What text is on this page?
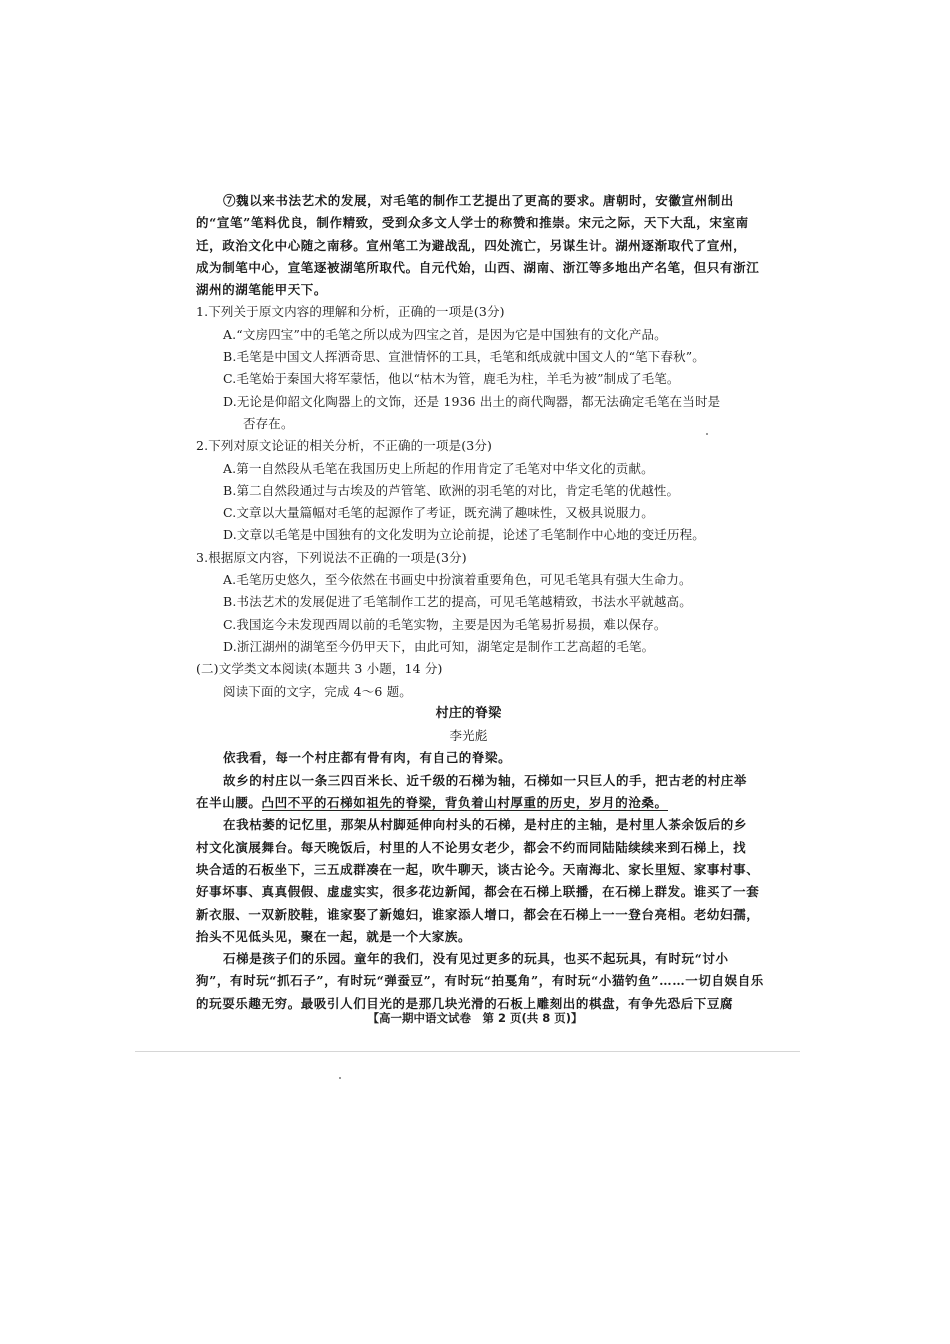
⑦魏以来书法艺术的发展，对毛笔的制作工艺提出了更高的要求。唐朝时，安徽宣州制出
的“宣笔”笔料优良，制作精致，受到众多文人学士的称赞和推崇。宋元之际，天下大乱，宋室南
迁，政治文化中心随之南移。宣州笔工为避战乱，四处流亡，另谋生计。湖州逐渐取代了宣州，
成为制笔中心，宣笔逐被湖笔所取代。自元代始，山西、湖南、浙江等多地出产名笔，但只有浙江
湖州的湖笔能甲天下。
1.下列关于原文内容的理解和分析，正确的一项是(3分)
A.“文房四宝”中的毛笔之所以成为四宝之首，是因为它是中国独有的文化产品。
B.毛笔是中国文人挥洒奇思、宣泄情怀的工具，毛笔和纸成就中国文人的“笔下春秋”。
C.毛笔始于秦国大将军蒙恬，他以“枯木为管，鹿毛为柱，羊毛为被”制成了毛笔。
D.无论是仰韶文化陶器上的文饰，还是 1936 出土的商代陶器，都无法确定毛笔在当时是
否存在。
2.下列对原文论证的相关分析，不正确的一项是(3分)
A.第一自然段从毛笔在我国历史上所起的作用肯定了毛笔对中华文化的贡献。
B.第二自然段通过与古埃及的芦管笔、欧洲的羽毛笔的对比，肯定毛笔的优越性。
C.文章以大量篇幅对毛笔的起源作了考证，既充满了趣味性，又极具说服力。
D.文章以毛笔是中国独有的文化发明为立论前提，论述了毛笔制作中心地的变迁历程。
3.根据原文内容，下列说法不正确的一项是(3分)
A.毛笔历史悠久，至今依然在书画史中扮演着重要角色，可见毛笔具有强大生命力。
B.书法艺术的发展促进了毛笔制作工艺的提高，可见毛笔越精致，书法水平就越高。
C.我国迄今未发现西周以前的毛笔实物，主要是因为毛笔易折易损，难以保存。
D.浙江湖州的湖笔至今仍甲天下，由此可知，湖笔定是制作工艺高超的毛笔。
(二)文学类文本阅读(本题共 3 小题，14 分)
阅读下面的文字，完成 4～6 题。
村庄的脊梁
李光彪
依我看，每一个村庄都有骨有肉，有自己的脊梁。
故乡的村庄以一条三四百米长、近千级的石梯为轴，石梯如一只巨人的手，把古老的村庄举
在半山腰。凸凹不平的石梯如祖先的脊梁，背负着山村厚重的历史，岁月的沧桑。
在我枯萎的记忆里，那架从村脚延伸向村头的石梯，是村庄的主轴，是村里人茶余饭后的乡
村文化演展舞台。每天晚饭后，村里的人不论男女老少，都会不约而同陆陆续续来到石梯上，找
块合适的石板坐下，三五成群凑在一起，吹牛聊天，谈古论今。天南海北、家长里短、家事村事、
好事坏事、真真假假、虚虚实实，很多花边新闻，都会在石梯上联播，在石梯上群发。谁买了一套
新衣服、一双新胶鞋，谁家娶了新媳妇，谁家添人增口，都会在石梯上一一登台亮相。老幼妇孺，
抬头不见低头见，聚在一起，就是一个大家族。
石梯是孩子们的乐园。童年的我们，没有见过更多的玩具，也买不起玩具，有时玩“讨小
狗”，有时玩“抓石子”，有时玩“弹蚕豆”，有时玩“拍戛角”，有时玩“小猫钓鱼”……一切自娱自乐
的玩耍乐趣无穷。最吸引人们目光的是那几块光滑的石板上雕刻出的棋盘，有争先恐后下豆腐
【高一期中语文试卷　第 2 页(共 8 页)】
